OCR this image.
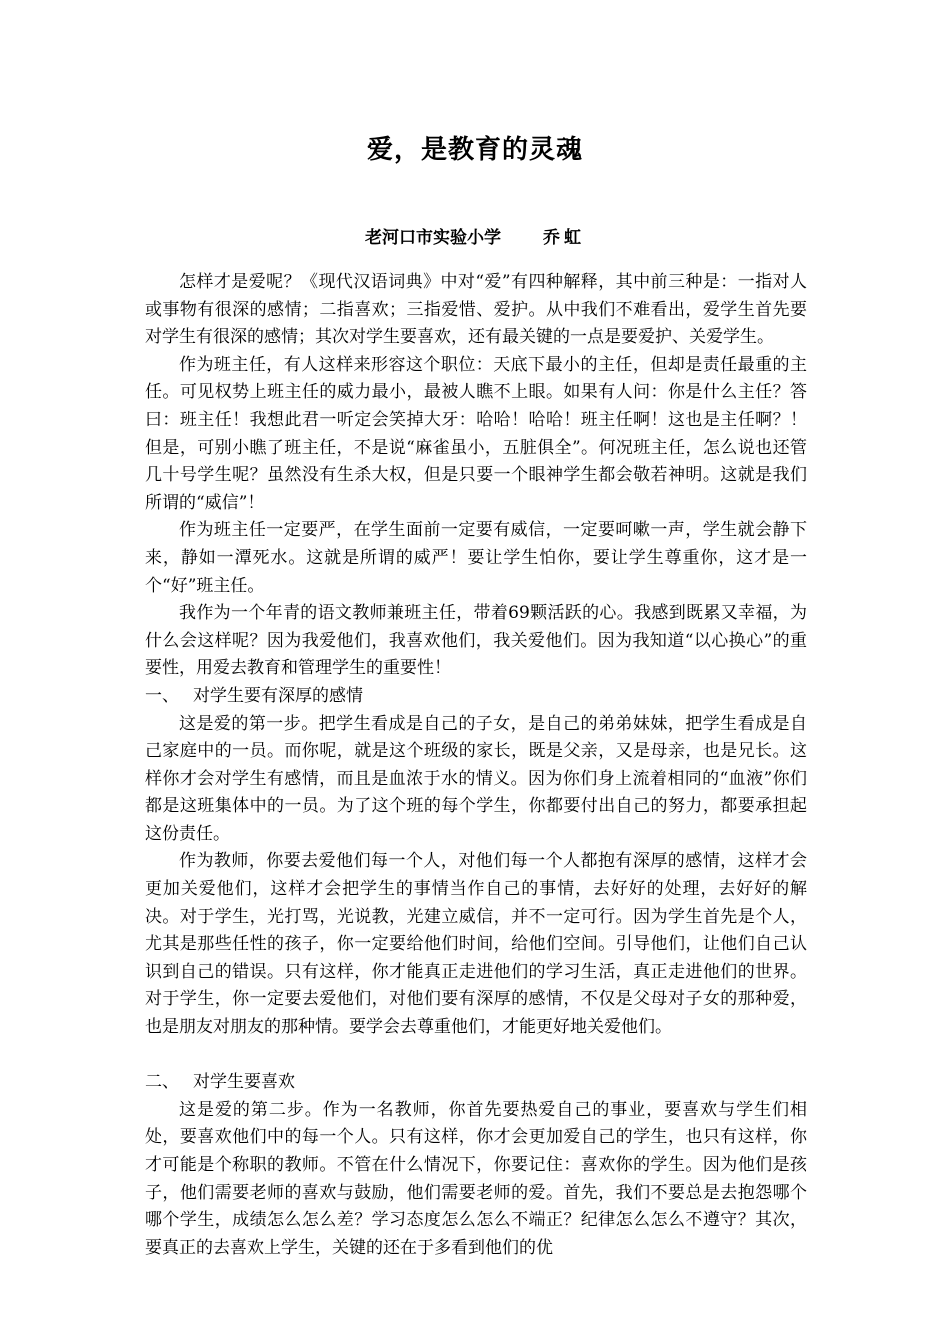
爱，是教育的灵魂
老河口市实验小学 乔虹

怎样才是爱呢？《现代汉语词典》中对“爱”有四种解释，其中前三种是：一指对人或事物有很深的感情；二指喜欢；三指爱惜、爱护。从中我们不难看出，爱学生首先要对学生有很深的感情；其次对学生要喜欢，还有最关键的一点是要爱护、关爱学生。

作为班主任，有人这样来形容这个职位：天底下最小的主任，但却是责任最重的主任。可见权势上班主任的威力最小，最被人瞧不上眼。如果有人问：你是什么主任？答曰：班主任！我想此君一听定会笑掉大牙：哈哈！哈哈！班主任啊！这也是主任啊？！但是，可别小瞧了班主任，不是说“麻雀虽小，五脏俱全”。何况班主任，怎么说也还管几十号学生呢？虽然没有生杀大权，但是只要一个眼神学生都会敬若神明。这就是我们所谓的“威信”！

作为班主任一定要严，在学生面前一定要有威信，一定要呵嗽一声，学生就会静下来，静如一潭死水。这就是所谓的威严！要让学生怕你，要让学生尊重你，这才是一个“好”班主任。

我作为一个年青的语文教师兼班主任，带着69颗活跃的心。我感到既累又幸福，为什么会这样呢？因为我爱他们，我喜欢他们，我关爱他们。因为我知道“以心换心”的重要性，用爱去教育和管理学生的重要性！

一、 对学生要有深厚的感情

这是爱的第一步。把学生看成是自己的子女，是自己的弟弟妹妹，把学生看成是自己家庭中的一员。而你呢，就是这个班级的家长，既是父亲，又是母亲，也是兄长。这样你才会对学生有感情，而且是血浓于水的情义。因为你们身上流着相同的“血液”你们都是这班集体中的一员。为了这个班的每个学生，你都要付出自己的努力，都要承担起这份责任。

作为教师，你要去爱他们每一个人，对他们每一个人都抱有深厚的感情，这样才会更加关爱他们，这样才会把学生的事情当作自己的事情，去好好的处理，去好好的解决。对于学生，光打骂，光说教，光建立威信，并不一定可行。因为学生首先是个人，尤其是那些任性的孩子，你一定要给他们时间，给他们空间。引导他们，让他们自己认识到自己的错误。只有这样，你才能真正走进他们的学习生活，真正走进他们的世界。对于学生，你一定要去爱他们，对他们要有深厚的感情，不仅是父母对子女的那种爱，也是朋友对朋友的那种情。要学会去尊重他们，才能更好地关爱他们。

二、 对学生要喜欢

这是爱的第二步。作为一名教师，你首先要热爱自己的事业，要喜欢与学生们相处，要喜欢他们中的每一个人。只有这样，你才会更加爱自己的学生，也只有这样，你才可能是个称职的教师。不管在什么情况下，你要记住：喜欢你的学生。因为他们是孩子，他们需要老师的喜欢与鼓励，他们需要老师的爱。首先，我们不要总是去抱怨哪个哪个学生，成绩怎么怎么差？学习态度怎么怎么不端正？纪律怎么怎么不遵守？其次，要真正的去喜欢上学生，关键的还在于多看到他们的优
